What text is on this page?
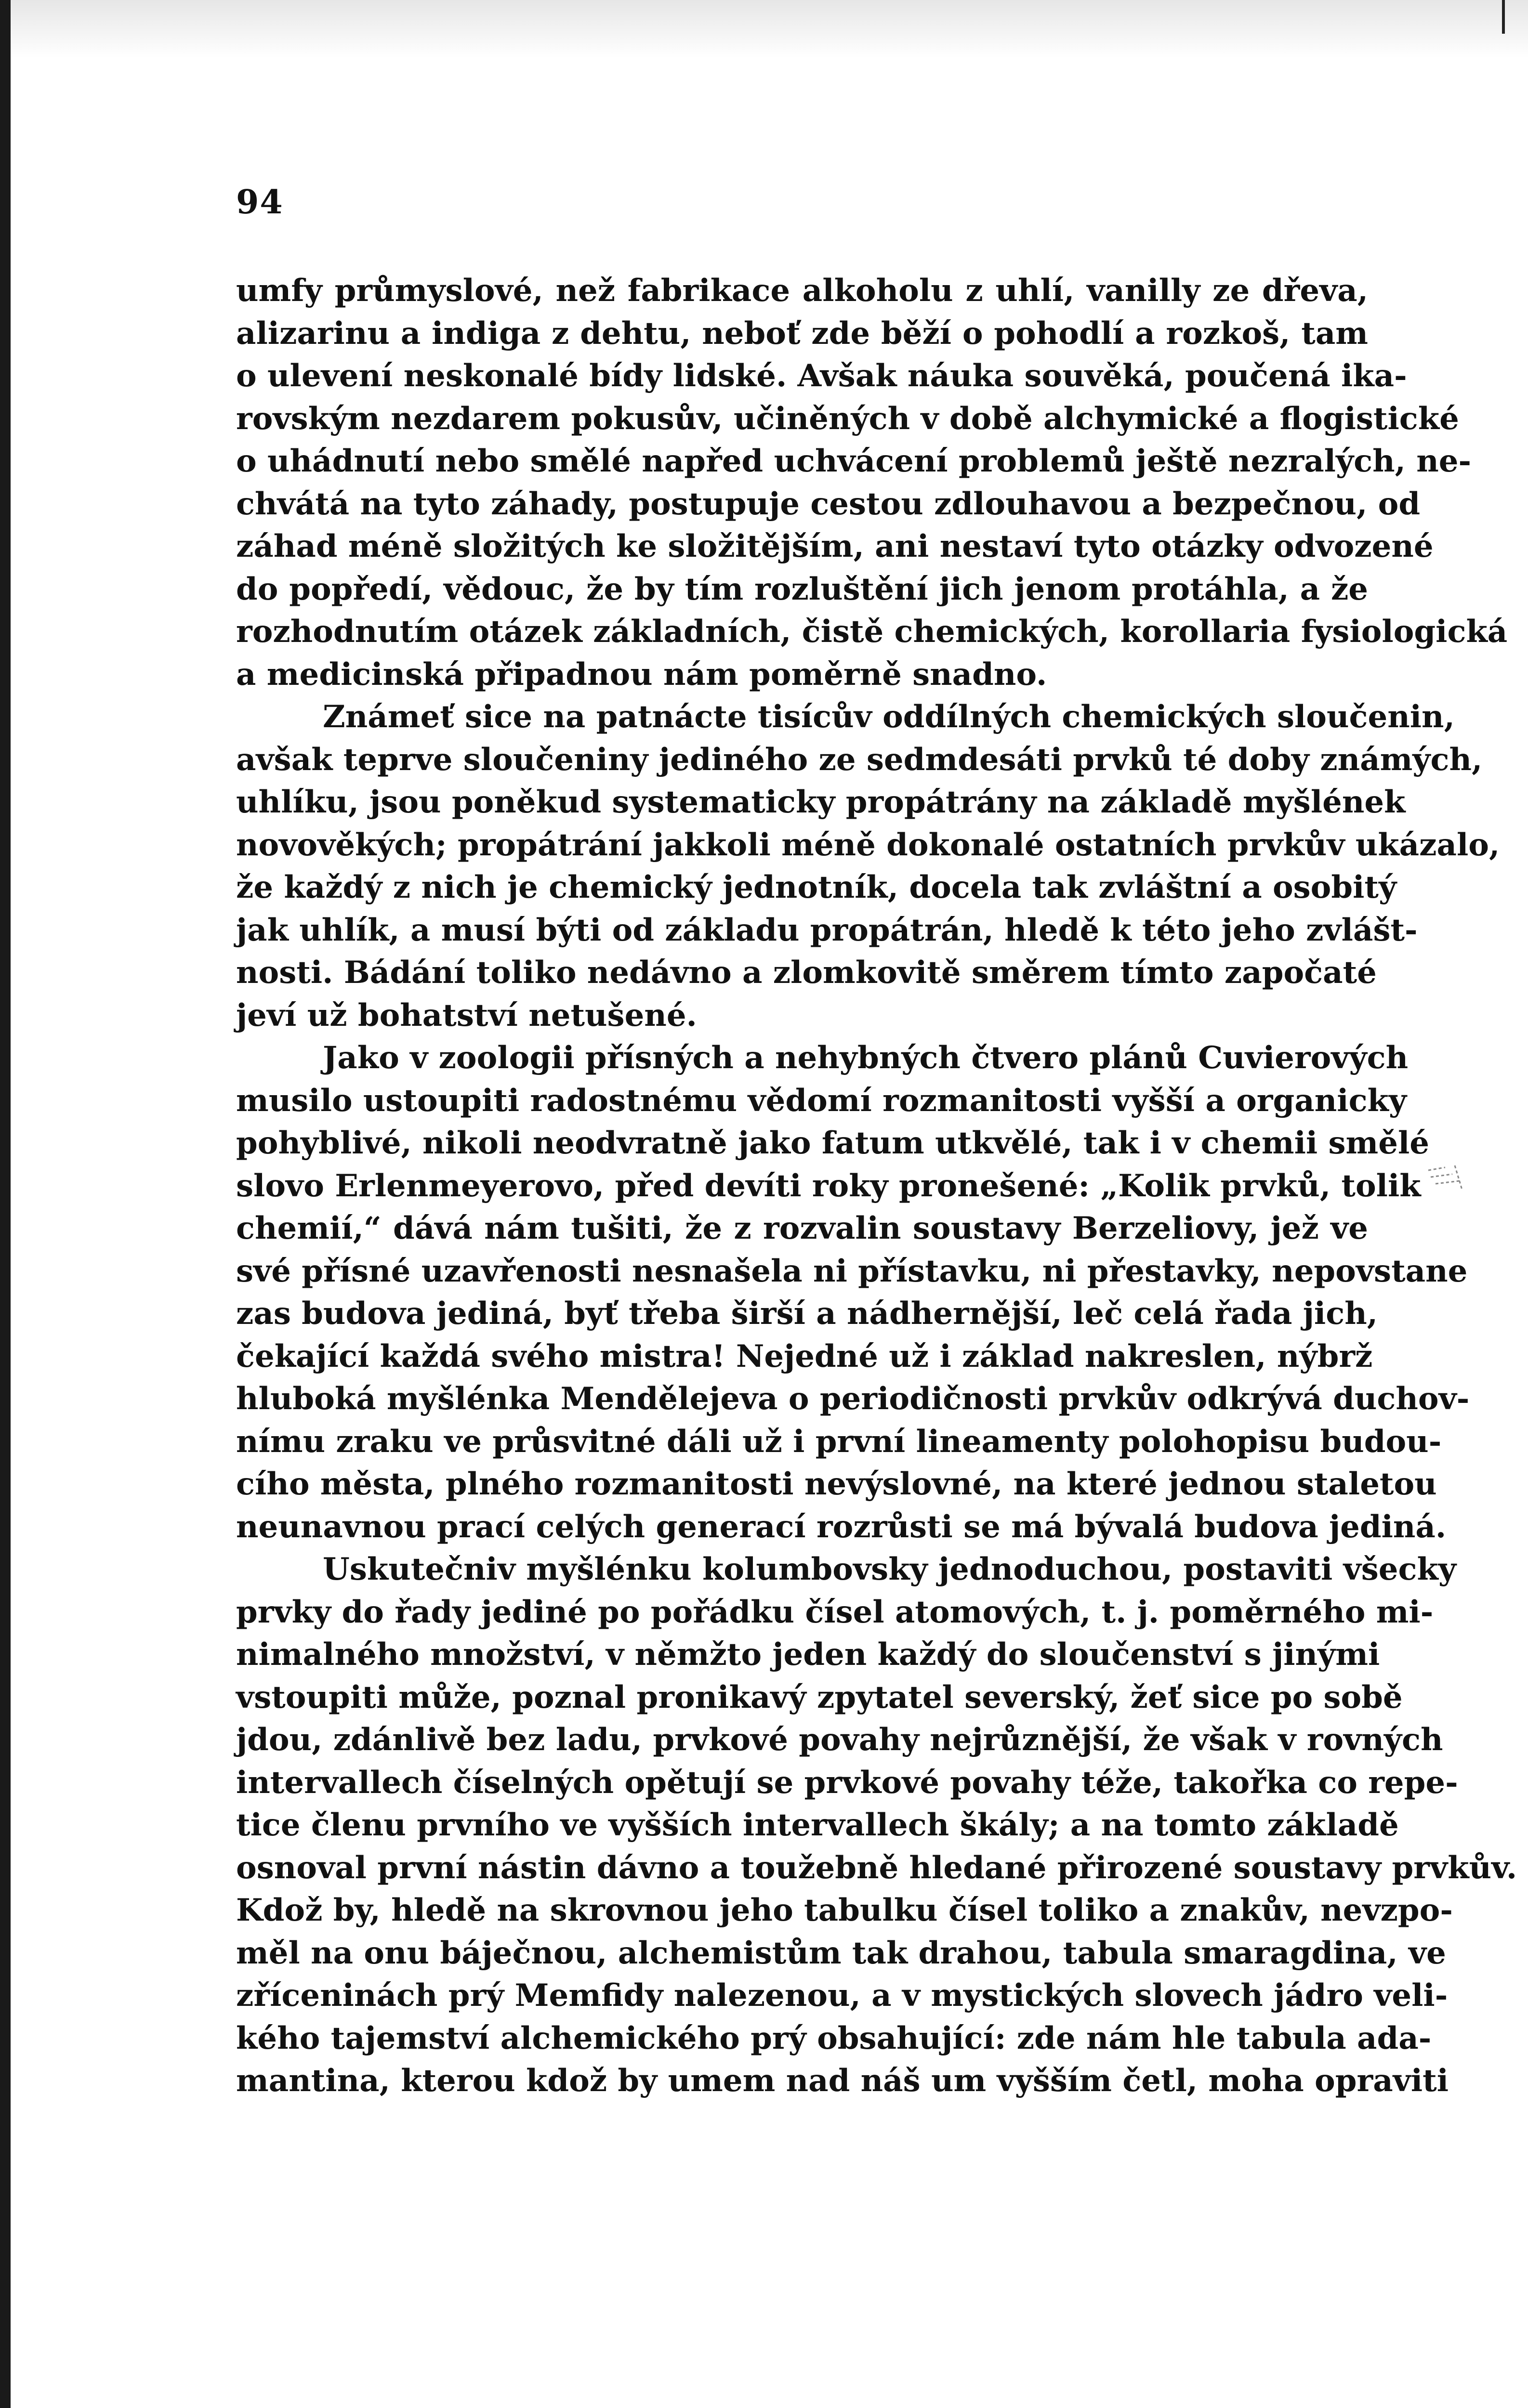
94
umfy průmyslové, než fabrikace alkoholu z uhlí, vanilly ze dřeva,
alizarinu a indiga z dehtu, neboť zde běží o pohodlí a rozkoš, tam
o ulevení neskonalé bídy lidské. Avšak náuka souvěká, poučená ika-
rovským nezdarem pokusův, učiněných v době alchymické a flogistické
o uhádnutí nebo smělé napřed uchvácení problemů ještě nezralých, ne-
chvátá na tyto záhady, postupuje cestou zdlouhavou a bezpečnou, od
záhad méně složitých ke složitějším, ani nestaví tyto otázky odvozené
do popředí, vědouc, že by tím rozluštění jich jenom protáhla, a že
rozhodnutím otázek základních, čistě chemických, korollaria fysiologická
a medicinská připadnou nám poměrně snadno.
Známeť sice na patnácte tisícův oddílných chemických sloučenin,
avšak teprve sloučeniny jediného ze sedmdesáti prvků té doby známých,
uhlíku, jsou poněkud systematicky propátrány na základě myšlének
novověkých; propátrání jakkoli méně dokonalé ostatních prvkův ukázalo,
že každý z nich je chemický jednotník, docela tak zvláštní a osobitý
jak uhlík, a musí býti od základu propátrán, hledě k této jeho zvlášt-
nosti. Bádání toliko nedávno a zlomkovitě směrem tímto započaté
jeví už bohatství netušené.
Jako v zoologii přísných a nehybných čtvero plánů Cuvierových
musilo ustoupiti radostnému vědomí rozmanitosti vyšší a organicky
pohyblivé, nikoli neodvratně jako fatum utkvělé, tak i v chemii smělé
slovo Erlenmeyerovo, před devíti roky pronešené: „Kolik prvků, tolik
chemií,“ dává nám tušiti, že z rozvalin soustavy Berzeliovy, jež ve
své přísné uzavřenosti nesnašela ni přístavku, ni přestavky, nepovstane
zas budova jediná, byť třeba širší a nádhernější, leč celá řada jich,
čekající každá svého mistra! Nejedné už i základ nakreslen, nýbrž
hluboká myšlénka Mendělejeva o periodičnosti prvkův odkrývá duchov-
nímu zraku ve průsvitné dáli už i první lineamenty polohopisu budou-
cího města, plného rozmanitosti nevýslovné, na které jednou staletou
neunavnou prací celých generací rozrůsti se má bývalá budova jediná.
Uskutečniv myšlénku kolumbovsky jednoduchou, postaviti všecky
prvky do řady jediné po pořádku čísel atomových, t. j. poměrného mi-
nimalného množství, v němžto jeden každý do sloučenství s jinými
vstoupiti může, poznal pronikavý zpytatel severský, žeť sice po sobě
jdou, zdánlivě bez ladu, prvkové povahy nejrůznější, že však v rovných
intervallech číselných opětují se prvkové povahy téže, takořka co repe-
tice členu prvního ve vyšších intervallech škály; a na tomto základě
osnoval první nástin dávno a toužebně hledané přirozené soustavy prvkův.
Kdož by, hledě na skrovnou jeho tabulku čísel toliko a znakův, nevzpo-
měl na onu báječnou, alchemistům tak drahou, tabula smaragdina, ve
zříceninách prý Memfidy nalezenou, a v mystických slovech jádro veli-
kého tajemství alchemického prý obsahující: zde nám hle tabula ada-
mantina, kterou kdož by umem nad náš um vyšším četl, moha opraviti
